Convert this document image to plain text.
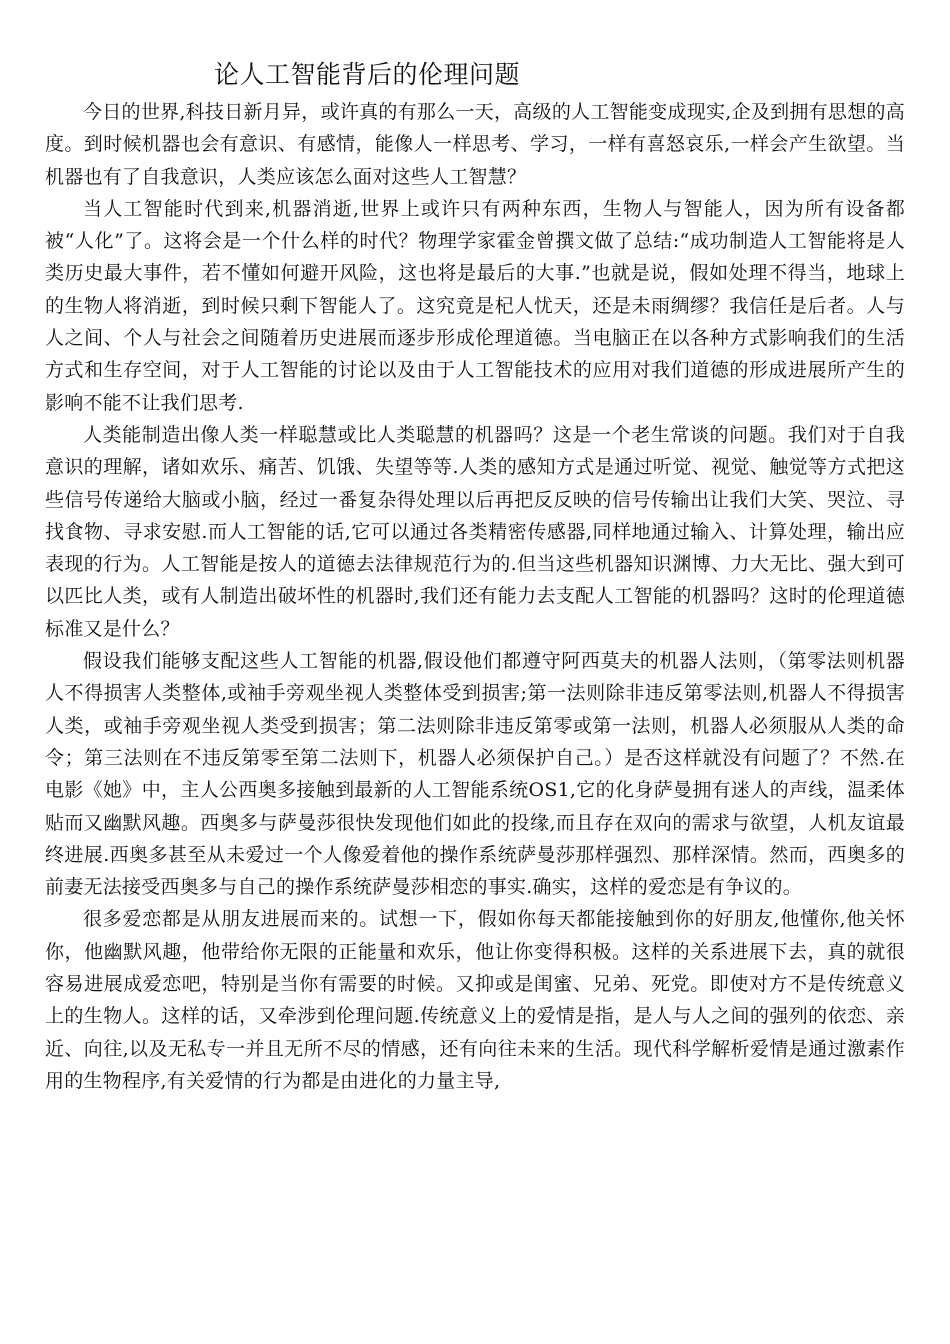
论人工智能背后的伦理问题

今日的世界,科技日新月异，或许真的有那么一天，高级的人工智能变成现实,企及到拥有思想的高度。到时候机器也会有意识、有感情，能像人一样思考、学习，一样有喜怒哀乐,一样会产生欲望。当机器也有了自我意识，人类应该怎么面对这些人工智慧？

当人工智能时代到来,机器消逝,世界上或许只有两种东西，生物人与智能人，因为所有设备都被“人化”了。这将会是一个什么样的时代？物理学家霍金曾撰文做了总结:“成功制造人工智能将是人类历史最大事件，若不懂如何避开风险，这也将是最后的大事.”也就是说，假如处理不得当，地球上的生物人将消逝，到时候只剩下智能人了。这究竟是杞人忧天，还是未雨绸缪？我信任是后者。人与人之间、个人与社会之间随着历史进展而逐步形成伦理道德。当电脑正在以各种方式影响我们的生活方式和生存空间，对于人工智能的讨论以及由于人工智能技术的应用对我们道德的形成进展所产生的影响不能不让我们思考.

人类能制造出像人类一样聪慧或比人类聪慧的机器吗？这是一个老生常谈的问题。我们对于自我意识的理解，诸如欢乐、痛苦、饥饿、失望等等.人类的感知方式是通过听觉、视觉、触觉等方式把这些信号传递给大脑或小脑，经过一番复杂得处理以后再把反反映的信号传输出让我们大笑、哭泣、寻找食物、寻求安慰.而人工智能的话,它可以通过各类精密传感器,同样地通过输入、计算处理，输出应表现的行为。人工智能是按人的道德去法律规范行为的.但当这些机器知识渊博、力大无比、强大到可以匹比人类，或有人制造出破坏性的机器时,我们还有能力去支配人工智能的机器吗？这时的伦理道德标准又是什么？

假设我们能够支配这些人工智能的机器,假设他们都遵守阿西莫夫的机器人法则，（第零法则机器人不得损害人类整体,或袖手旁观坐视人类整体受到损害;第一法则除非违反第零法则,机器人不得损害人类，或袖手旁观坐视人类受到损害；第二法则除非违反第零或第一法则，机器人必须服从人类的命令；第三法则在不违反第零至第二法则下，机器人必须保护自己。）是否这样就没有问题了？不然.在电影《她》中，主人公西奥多接触到最新的人工智能系统OS1,它的化身萨曼拥有迷人的声线，温柔体贴而又幽默风趣。西奥多与萨曼莎很快发现他们如此的投缘,而且存在双向的需求与欲望，人机友谊最终进展.西奥多甚至从未爱过一个人像爱着他的操作系统萨曼莎那样强烈、那样深情。然而，西奥多的前妻无法接受西奥多与自己的操作系统萨曼莎相恋的事实.确实，这样的爱恋是有争议的。

很多爱恋都是从朋友进展而来的。试想一下，假如你每天都能接触到你的好朋友,他懂你,他关怀你，他幽默风趣，他带给你无限的正能量和欢乐，他让你变得积极。这样的关系进展下去，真的就很容易进展成爱恋吧，特别是当你有需要的时候。又抑或是闺蜜、兄弟、死党。即使对方不是传统意义上的生物人。这样的话，又牵涉到伦理问题.传统意义上的爱情是指，是人与人之间的强列的依恋、亲近、向往,以及无私专一并且无所不尽的情感，还有向往未来的生活。现代科学解析爱情是通过激素作用的生物程序,有关爱情的行为都是由进化的力量主导,
